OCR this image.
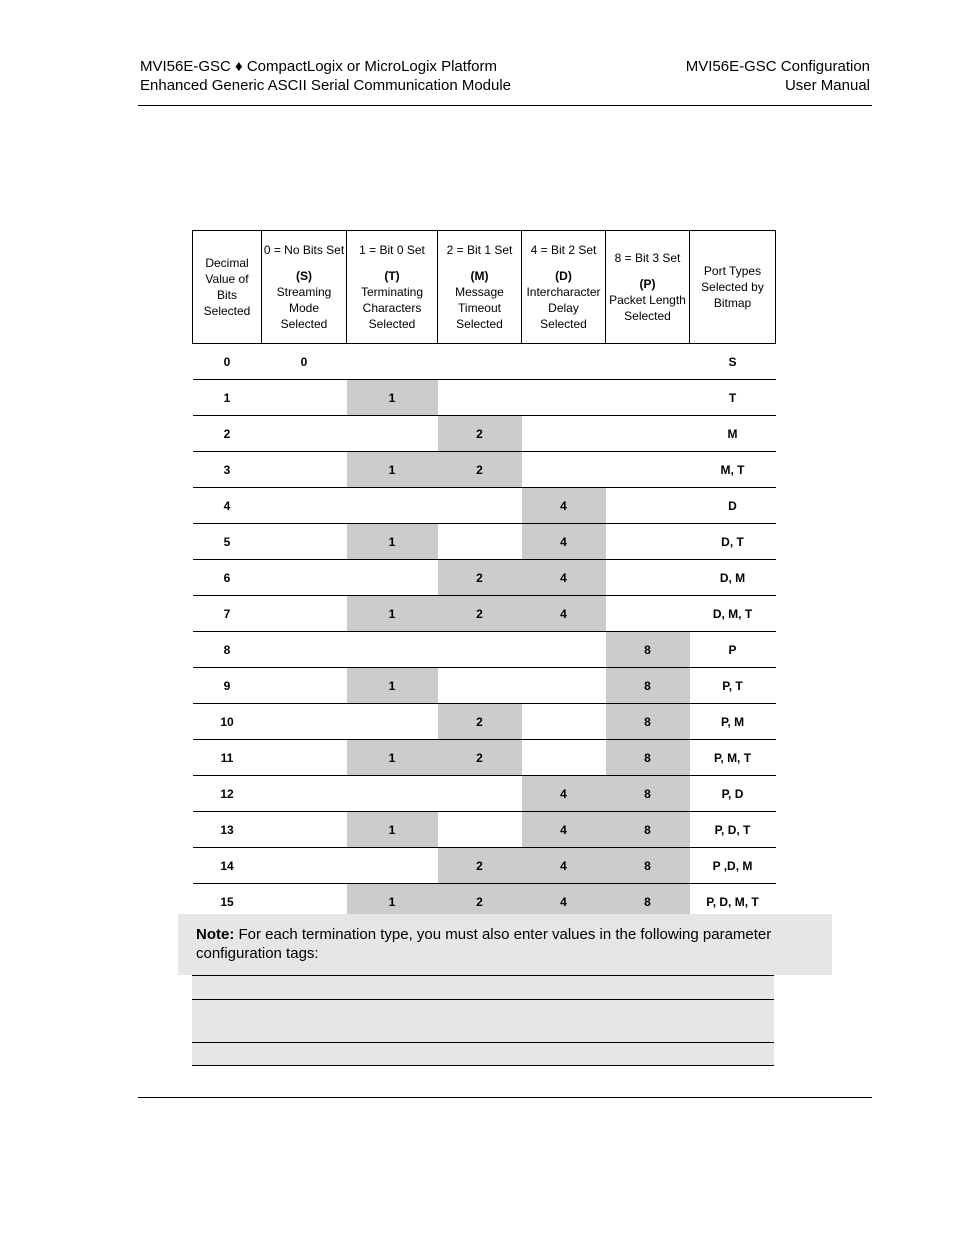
MVI56E-GSC ♦ CompactLogix or MicroLogix Platform
Enhanced Generic ASCII Serial Communication Module
MVI56E-GSC Configuration
User Manual
Decimal
Value of
Bits
Selected	0 = No Bits Set
(S)
Streaming
Mode
Selected	1 = Bit 0 Set
(T)
Terminating
Characters
Selected	2 = Bit 1 Set
(M)
Message
Timeout
Selected	4 = Bit 2 Set
(D)
Intercharacter
Delay
Selected	8 = Bit 3 Set
(P)
Packet Length
Selected	Port Types
Selected by
Bitmap

0	0					S
1		1				T
2			2			M
3		1	2			M, T
4				4		D
5		1		4		D, T
6			2	4		D, M
7		1	2	4		D, M, T
8					8	P
9		1			8	P, T
10			2		8	P, M
11		1	2		8	P, M, T
12				4	8	P, D
13		1		4	8	P, D, T
14			2	4	8	P ,D, M
15		1	2	4	8	P, D, M, T
Note: For each termination type, you must also enter values in the following parameter configuration tags:
